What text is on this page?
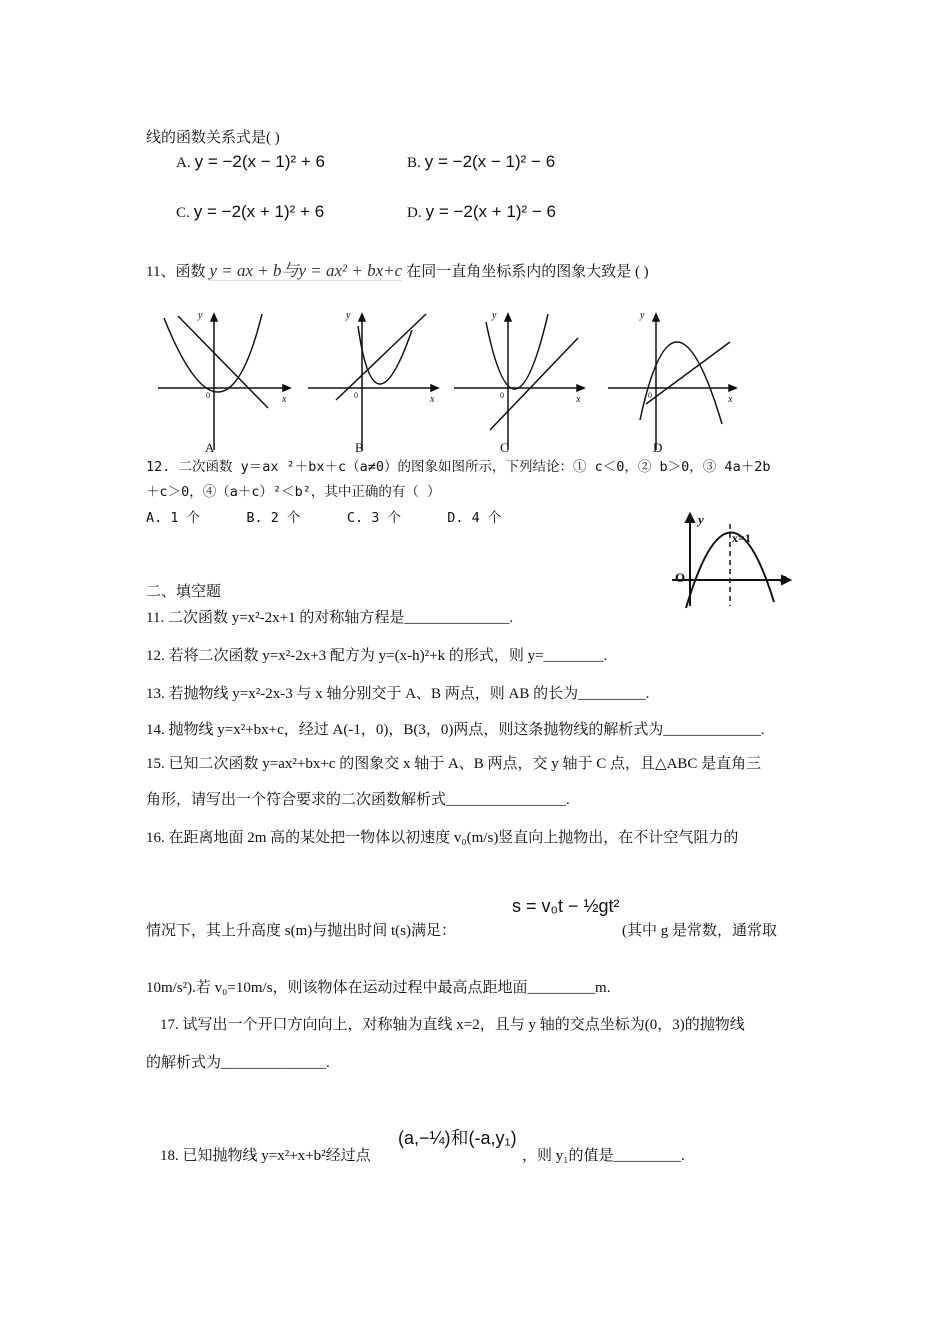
线的函数关系式是( )
A. y = −2(x − 1)² + 6	B. y = −2(x − 1)² − 6
C. y = −2(x + 1)² + 6	D. y = −2(x + 1)² − 6
11、函数 y = ax + b与y = ax² + bx+c 在同一直角坐标系内的图象大致是 ( )
y
x
y
x
y
x
y
x
0	0	0	0
A	B	C	D
12. 二次函数 y＝ax ²＋bx＋c（a≠0）的图象如图所示，下列结论：① c＜0，② b＞0，③ 4a＋2b
＋c＞0，④（a＋c）²＜b²，其中正确的有（ ）
A. 1 个	B. 2 个	C. 3 个	D. 4 个	y
x
O
x=1
二、填空题
11. 二次函数 y=x²-2x+1 的对称轴方程是______________.
12. 若将二次函数 y=x²-2x+3 配方为 y=(x-h)²+k 的形式，则 y=________.
13. 若抛物线 y=x²-2x-3 与 x 轴分别交于 A、B 两点，则 AB 的长为_________.
14. 抛物线 y=x²+bx+c，经过 A(-1，0)，B(3，0)两点，则这条抛物线的解析式为_____________.
15. 已知二次函数 y=ax²+bx+c 的图象交 x 轴于 A、B 两点，交 y 轴于 C 点，且△ABC 是直角三
角形，请写出一个符合要求的二次函数解析式________________.
16. 在距离地面 2m 高的某处把一物体以初速度 v₀(m/s)竖直向上抛物出，在不计空气阻力的
情况下，其上升高度 s(m)与抛出时间 t(s)满足：
s = v₀t − ½gt²
(其中 g 是常数，通常取
10m/s²).若 v₀=10m/s，则该物体在运动过程中最高点距地面_________m.
17. 试写出一个开口方向向上，对称轴为直线 x=2，且与 y 轴的交点坐标为(0，3)的抛物线
的解析式为______________.
18. 已知抛物线 y=x²+x+b²经过点
(a,−¼)和(-a,y₁)
，则 y₁的值是_________.
